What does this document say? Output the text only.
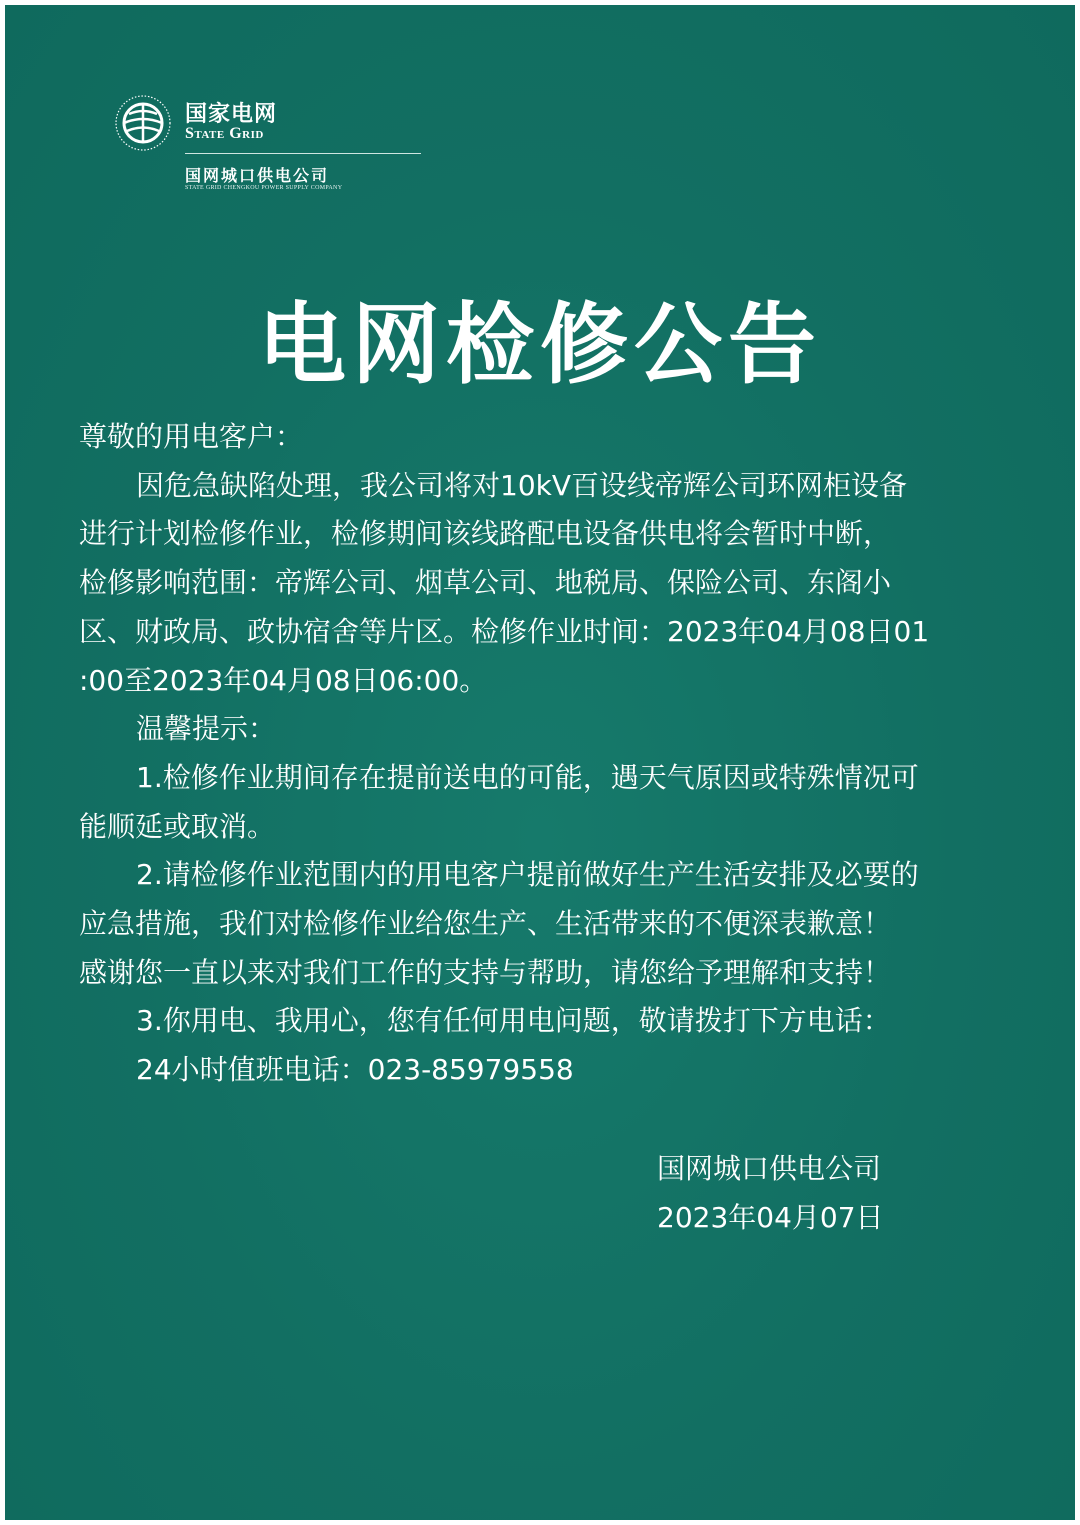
国家电网
State Grid
国网城口供电公司
STATE GRID CHENGKOU POWER SUPPLY COMPANY
电网检修公告

尊敬的用电客户：

因危急缺陷处理，我公司将对10kV百设线帝辉公司环网柜设备

进行计划检修作业，检修期间该线路配电设备供电将会暂时中断，

检修影响范围：帝辉公司、烟草公司、地税局、保险公司、东阁小

区、财政局、政协宿舍等片区。检修作业时间：2023年04月08日01

:00至2023年04月08日06:00。

温馨提示：

1.检修作业期间存在提前送电的可能，遇天气原因或特殊情况可

能顺延或取消。

2.请检修作业范围内的用电客户提前做好生产生活安排及必要的

应急措施，我们对检修作业给您生产、生活带来的不便深表歉意！

感谢您一直以来对我们工作的支持与帮助，请您给予理解和支持！

3.你用电、我用心，您有任何用电问题，敬请拨打下方电话：

24小时值班电话：023-85979558

国网城口供电公司
2023年04月07日
